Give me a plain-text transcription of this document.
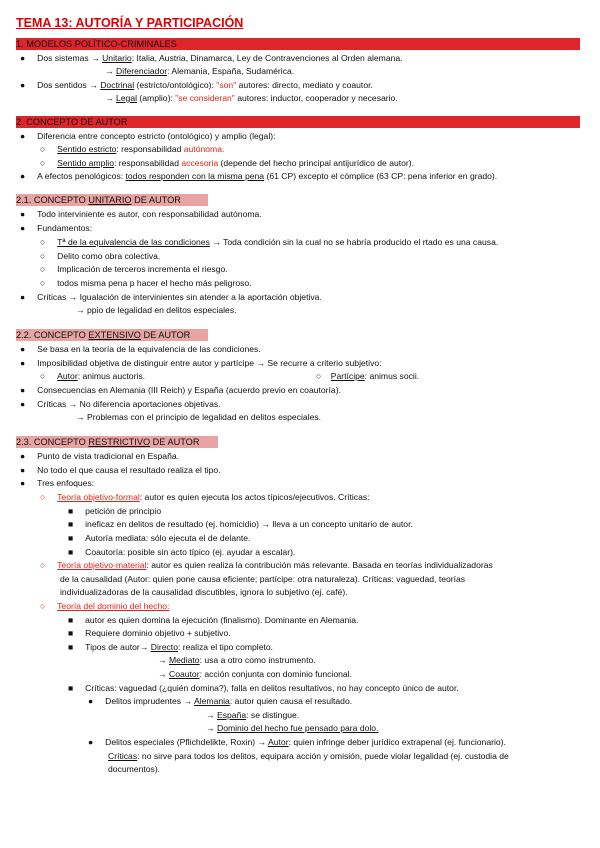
TEMA 13: AUTORÍA Y PARTICIPACIÓN
1. MODELOS POLÍTICO-CRIMINALES
●     Dos sistemas → Unitario: Italia, Austria, Dinamarca, Ley de Contravenciones al Orden alemana.
→ Diferenciador: Alemania, España, Sudamérica.
●     Dos sentidos → Doctrinal (estricto/ontológico): "son" autores: directo, mediato y coautor.
→ Legal (amplio): "se consideran" autores: inductor, cooperador y necesario.
2. CONCEPTO DE AUTOR
●     Diferencia entre concepto estricto (ontológico) y amplio (legal):
○     Sentido estricto: responsabilidad autónoma.
○     Sentido amplio: responsabilidad accesoria (depende del hecho principal antijurídico de autor).
●     A efectos penológicos: todos responden con la misma pena (61 CP) excepto el cómplice (63 CP: pena inferior en grado).
2.1. CONCEPTO UNITARIO DE AUTOR
●     Todo interviniente es autor, con responsabilidad autónoma.
●     Fundamentos:
○     Tª de la equivalencia de las condiciones → Toda condición sin la cual no se habría producido el rtado es una causa.
○     Delito como obra colectiva.
○     Implicación de terceros incrementa el riesgo.
○     todos misma pena p hacer el hecho más peligroso.
●     Críticas → Igualación de intervinientes sin atender a la aportación objetiva.
→ ppio de legalidad en delitos especiales.
2.2. CONCEPTO EXTENSIVO DE AUTOR
●     Se basa en la teoría de la equivalencia de las condiciones.
●     Imposibilidad objetiva de distinguir entre autor y partícipe → Se recurre a criterio subjetivo:
○     Autor: animus auctoris.	○    Partícipe: animus socii.
●     Consecuencias en Alemania (III Reich) y España (acuerdo previo en coautoría).
●     Críticas → No diferencia aportaciones objetivas.
→ Problemas con el principio de legalidad en delitos especiales.
2.3. CONCEPTO RESTRICTIVO DE AUTOR
●     Punto de vista tradicional en España.
●     No todo el que causa el resultado realiza el tipo.
●     Tres enfoques:
○     Teoría objetivo-formal: autor es quien ejecuta los actos típicos/ejecutivos. Críticas:
■     petición de principio
■     ineficaz en delitos de resultado (ej. homicidio) → lleva a un concepto unitario de autor.
■     Autoría mediata: sólo ejecuta el de delante.
■     Coautoría: posible sin acto típico (ej. ayudar a escalar).
○     Teoría objetivo-material: autor es quien realiza la contribución más relevante. Basada en teorías individualizadoras
de la causalidad (Autor: quien pone causa eficiente; partícipe: otra naturaleza). Críticas: vaguedad, teorías
individualizadoras de la causalidad discutibles, ignora lo subjetivo (ej. café).
○     Teoría del dominio del hecho:
■     autor es quien domina la ejecución (finalismo). Dominante en Alemania.
■     Requiere dominio objetivo + subjetivo.
■     Tipos de autor→ Directo: realiza el tipo completo.
→ Mediato: usa a otro como instrumento.
→ Coautor: acción conjunta con dominio funcional.
■     Críticas: vaguedad (¿quién domina?), falla en delitos resultativos, no hay concepto único de autor.
●     Delitos imprudentes → Alemania: autor quien causa el resultado.
→ España: se distingue.
→ Dominio del hecho fue pensado para dolo.
●     Delitos especiales (Pflichdelikte, Roxin) → Autor: quien infringe deber jurídico extrapenal (ej. funcionario).
Críticas: no sirve para todos los delitos, equipara acción y omisión, puede violar legalidad (ej. custodia de
documentos).
